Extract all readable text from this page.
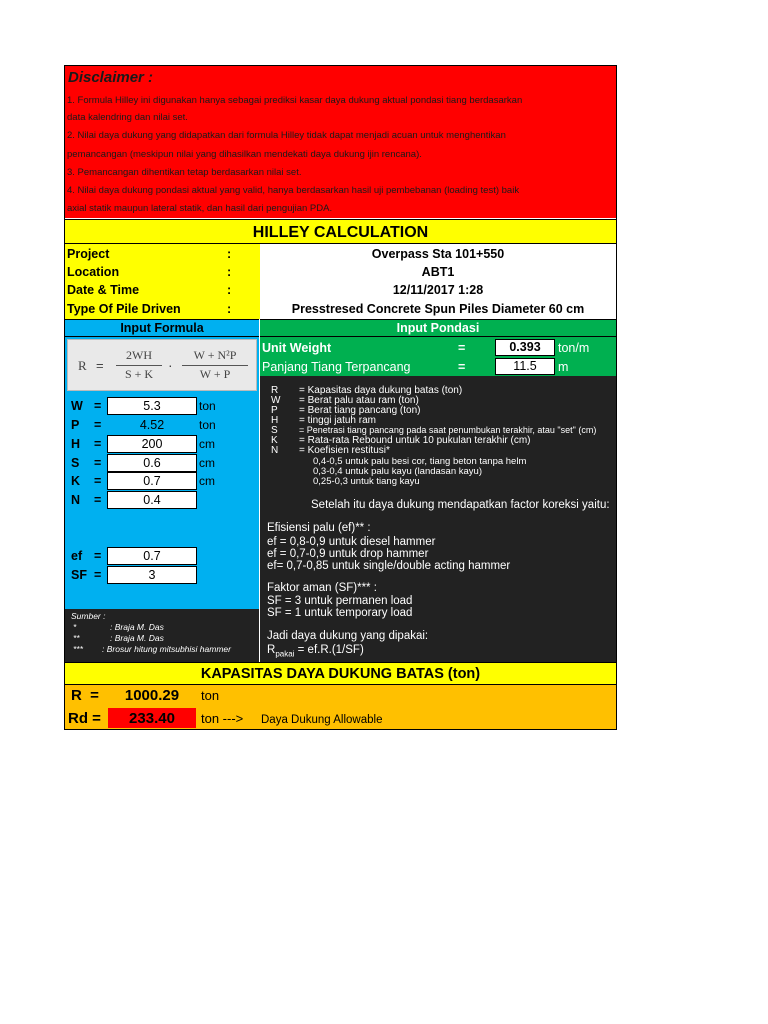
Disclaimer :
1. Formula Hilley ini digunakan hanya sebagai prediksi kasar daya dukung aktual pondasi tiang berdasarkan
data kalendring dan nilai set.
2. Nilai daya dukung yang didapatkan dari formula Hilley tidak dapat menjadi acuan untuk menghentikan
pemancangan (meskipun nilai yang dihasilkan mendekati daya dukung ijin rencana).
3. Pemancangan dihentikan tetap berdasarkan nilai set.
4. Nilai daya dukung pondasi aktual yang valid, hanya berdasarkan hasil uji pembebanan (loading test) baik
axial statik maupun lateral statik, dan hasil dari pengujian PDA.
HILLEY CALCULATION
Project	:	Overpass Sta 101+550
Location	:	ABT1
Date & Time	:	12/11/2017 1:28
Type Of Pile Driven	:	Presstresed Concrete Spun Piles Diameter 60 cm
Input Formula
R =
2WH
S + K
·
W + N²P
W + P
W =	5.3	ton
P =	4.52	ton
H =	200	cm
S =	0.6	cm
K =	0.7	cm
N =	0.4
ef =	0.7
SF =	3
Sumber :
*	: Braja M. Das
**	: Braja M. Das
*** : Brosur hitung mitsubhisi hammer
Input Pondasi
Unit Weight	=	0.393	ton/m
Panjang Tiang Terpancang	=	11.5	m
R = Kapasitas daya dukung batas (ton)
W = Berat palu atau ram (ton)
P = Berat tiang pancang (ton)
H = tinggi jatuh ram
S = Penetrasi tiang pancang pada saat penumbukan terakhir, atau "set" (cm)
K = Rata-rata Rebound untuk 10 pukulan terakhir (cm)
N = Koefisien restitusi*
0,4-0,5 untuk palu besi cor, tiang beton tanpa helm
0,3-0,4 untuk palu kayu (landasan kayu)
0,25-0,3 untuk tiang kayu
Setelah itu daya dukung mendapatkan factor koreksi yaitu:
Efisiensi palu (ef)** :
ef = 0,8-0,9 untuk diesel hammer
ef = 0,7-0,9 untuk drop hammer
ef= 0,7-0,85 untuk single/double acting hammer
Faktor aman (SF)*** :
SF = 3 untuk permanen load
SF = 1 untuk temporary load
Jadi daya dukung yang dipakai:
$R_{pakai} = ef.R.(1/SF)$
KAPASITAS DAYA DUKUNG BATAS (ton)
R  =	1000.29	ton
Rd =	233.40	ton ---> Daya Dukung Allowable
